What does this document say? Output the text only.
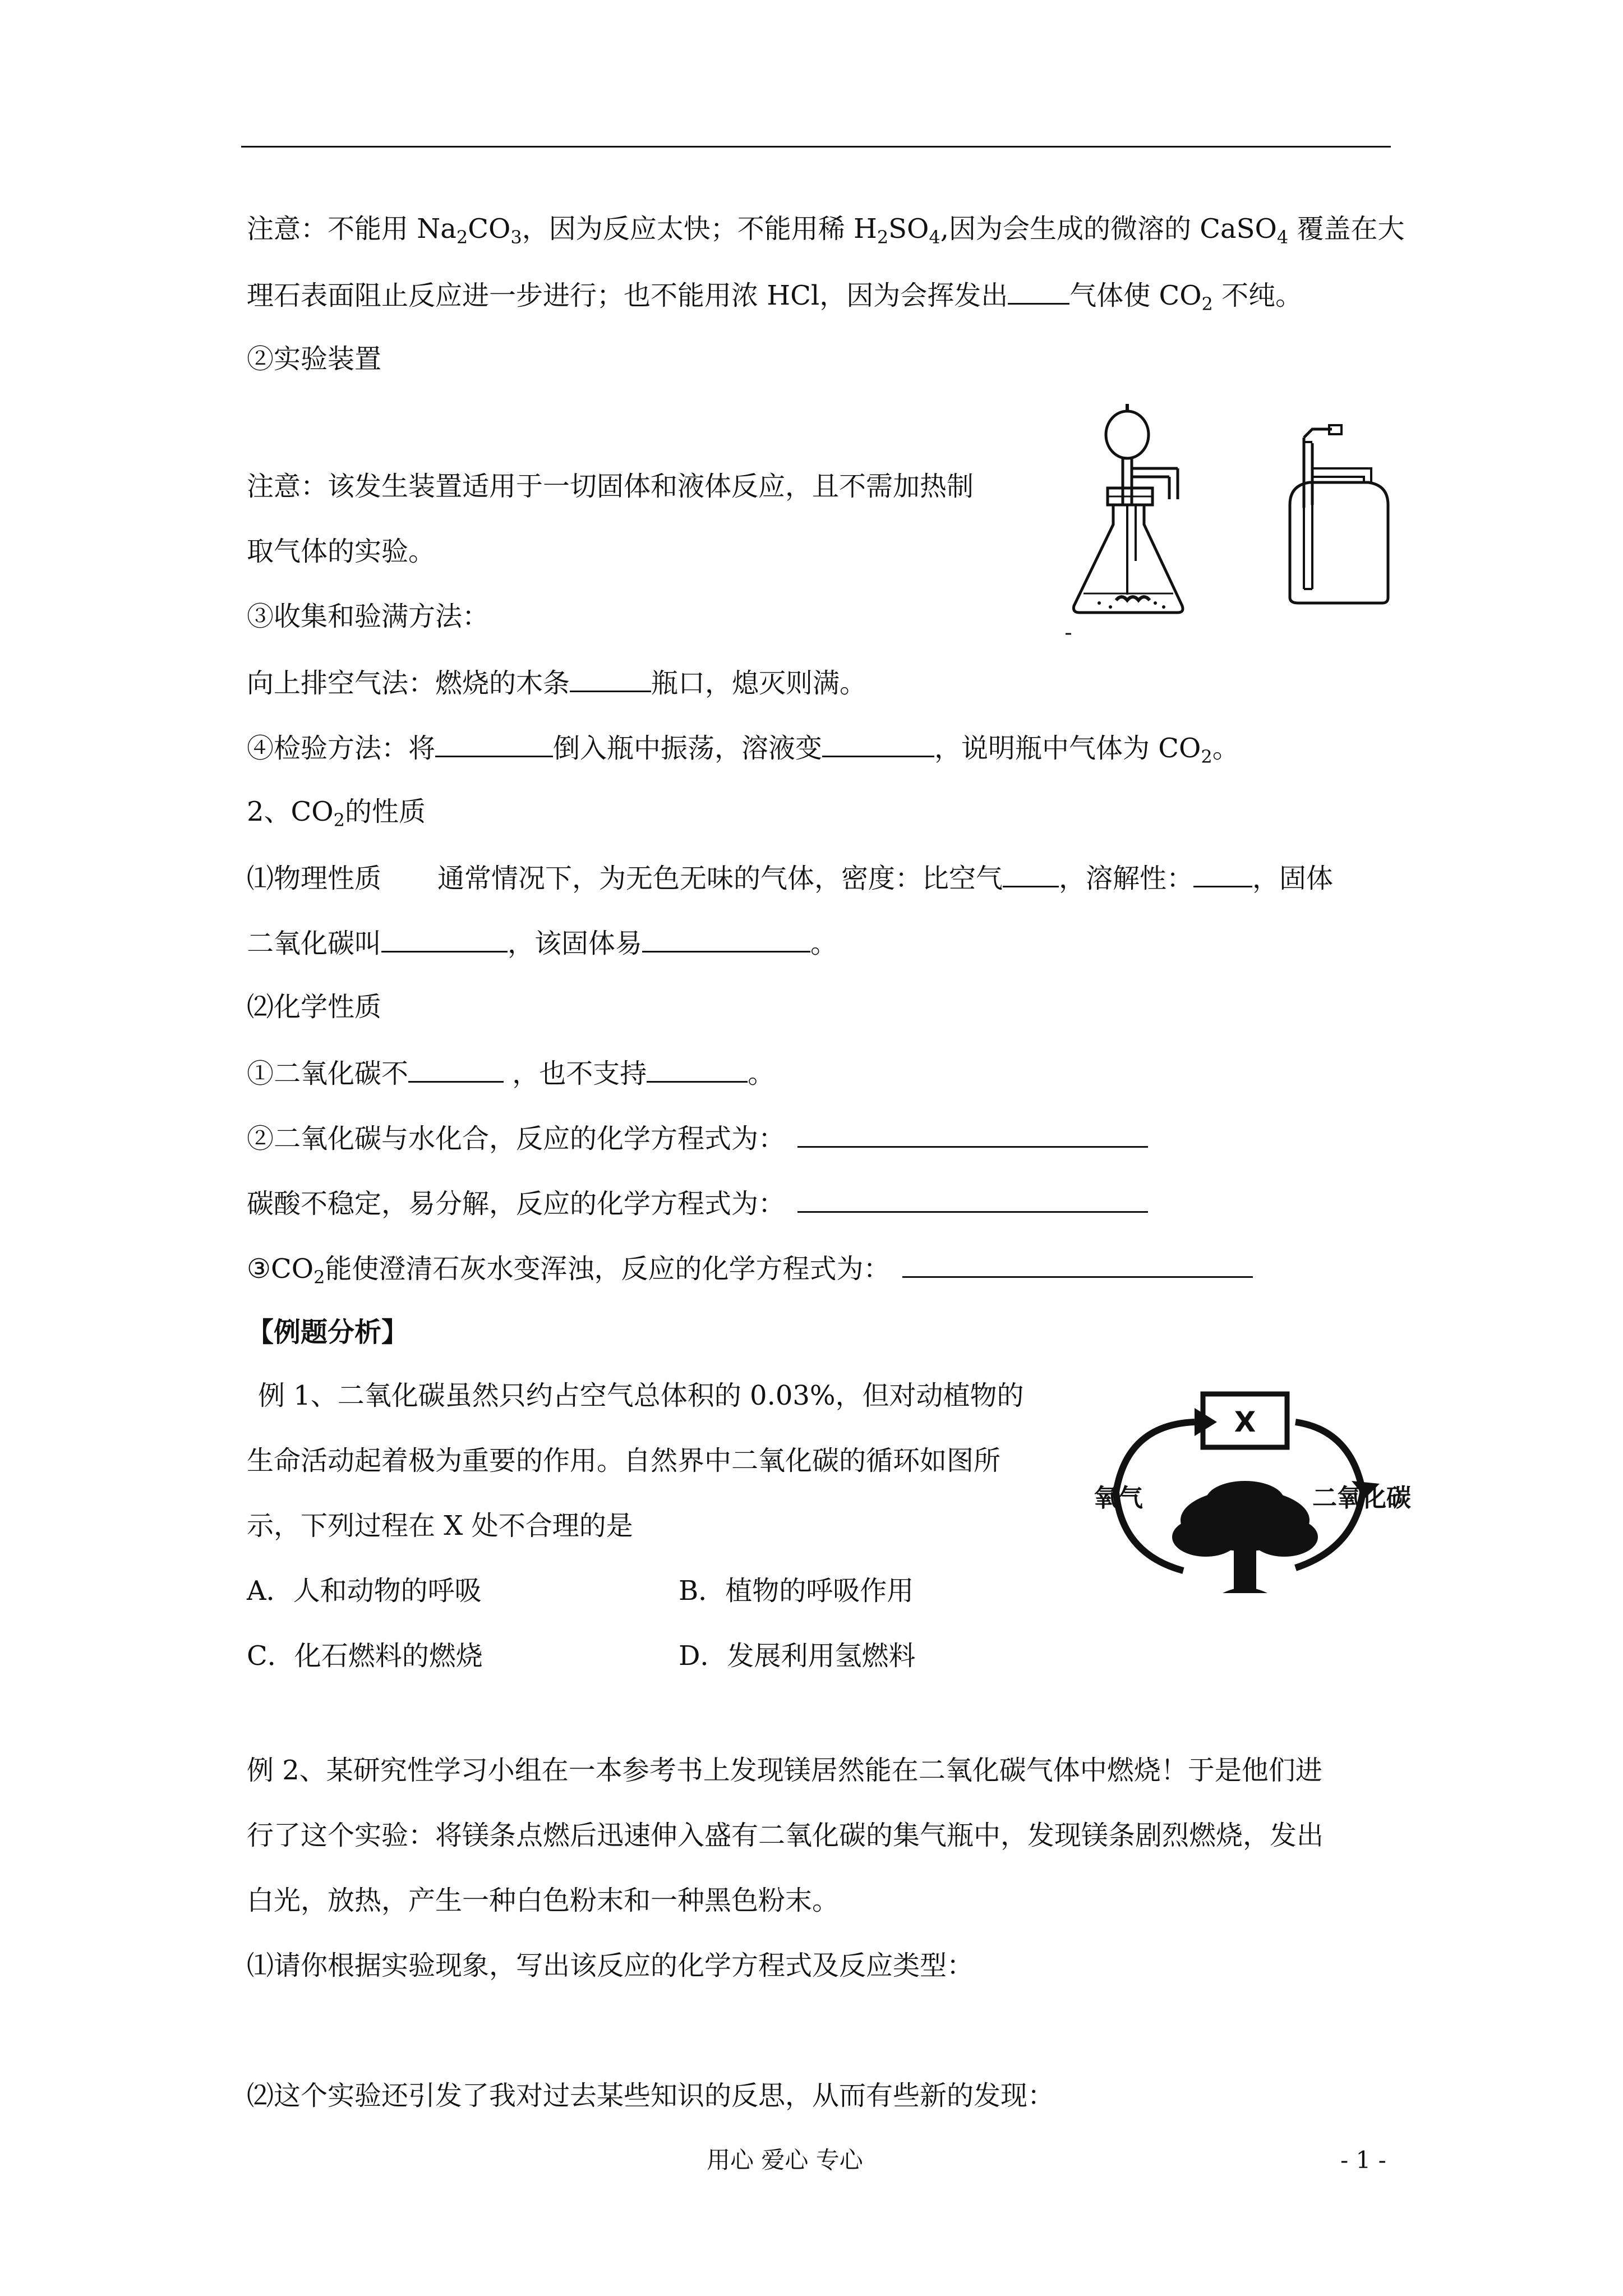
注意：不能用 $Na_2CO_3$，因为反应太快；不能用稀 $H_2SO_4$,因为会生成的微溶的 CaSO$_4$ 覆盖在大
理石表面阻止反应进一步进行；也不能用浓 HCl，因为会挥发出 气体使 $CO_2$ 不纯。
②实验装置
注意：该发生装置适用于一切固体和液体反应，且不需加热制
取气体的实验。
③收集和验满方法：
向上排空气法：燃烧的木条	瓶口，熄灭则满。
④检验方法：将	倒入瓶中振荡，溶液变	，说明瓶中气体为 $CO_2$。
2、$CO_2$的性质
⑴物理性质 通常情况下，为无色无味的气体，密度：比空气 ，溶解性： ，固体
二氧化碳叫	，该固体易	。
⑵化学性质
①二氧化碳不	，也不支持	。
②二氧化碳与水化合，反应的化学方程式为：
碳酸不稳定，易分解，反应的化学方程式为：
$③CO_2$能使澄清石灰水变浑浊，反应的化学方程式为：
【例题分析】
例 1、二氧化碳虽然只约占空气总体积的 0.03%，但对动植物的
生命活动起着极为重要的作用。自然界中二氧化碳的循环如图所
示，下列过程在 X 处不合理的是
A．人和动物的呼吸	B．植物的呼吸作用
C．化石燃料的燃烧	D．发展利用氢燃料
X
氧气	二氧化碳
例 2、某研究性学习小组在一本参考书上发现镁居然能在二氧化碳气体中燃烧！于是他们进
行了这个实验：将镁条点燃后迅速伸入盛有二氧化碳的集气瓶中，发现镁条剧烈燃烧，发出
白光，放热，产生一种白色粉末和一种黑色粉末。
⑴请你根据实验现象，写出该反应的化学方程式及反应类型：
⑵这个实验还引发了我对过去某些知识的反思，从而有些新的发现：
用心 爱心 专心	- 1 -
